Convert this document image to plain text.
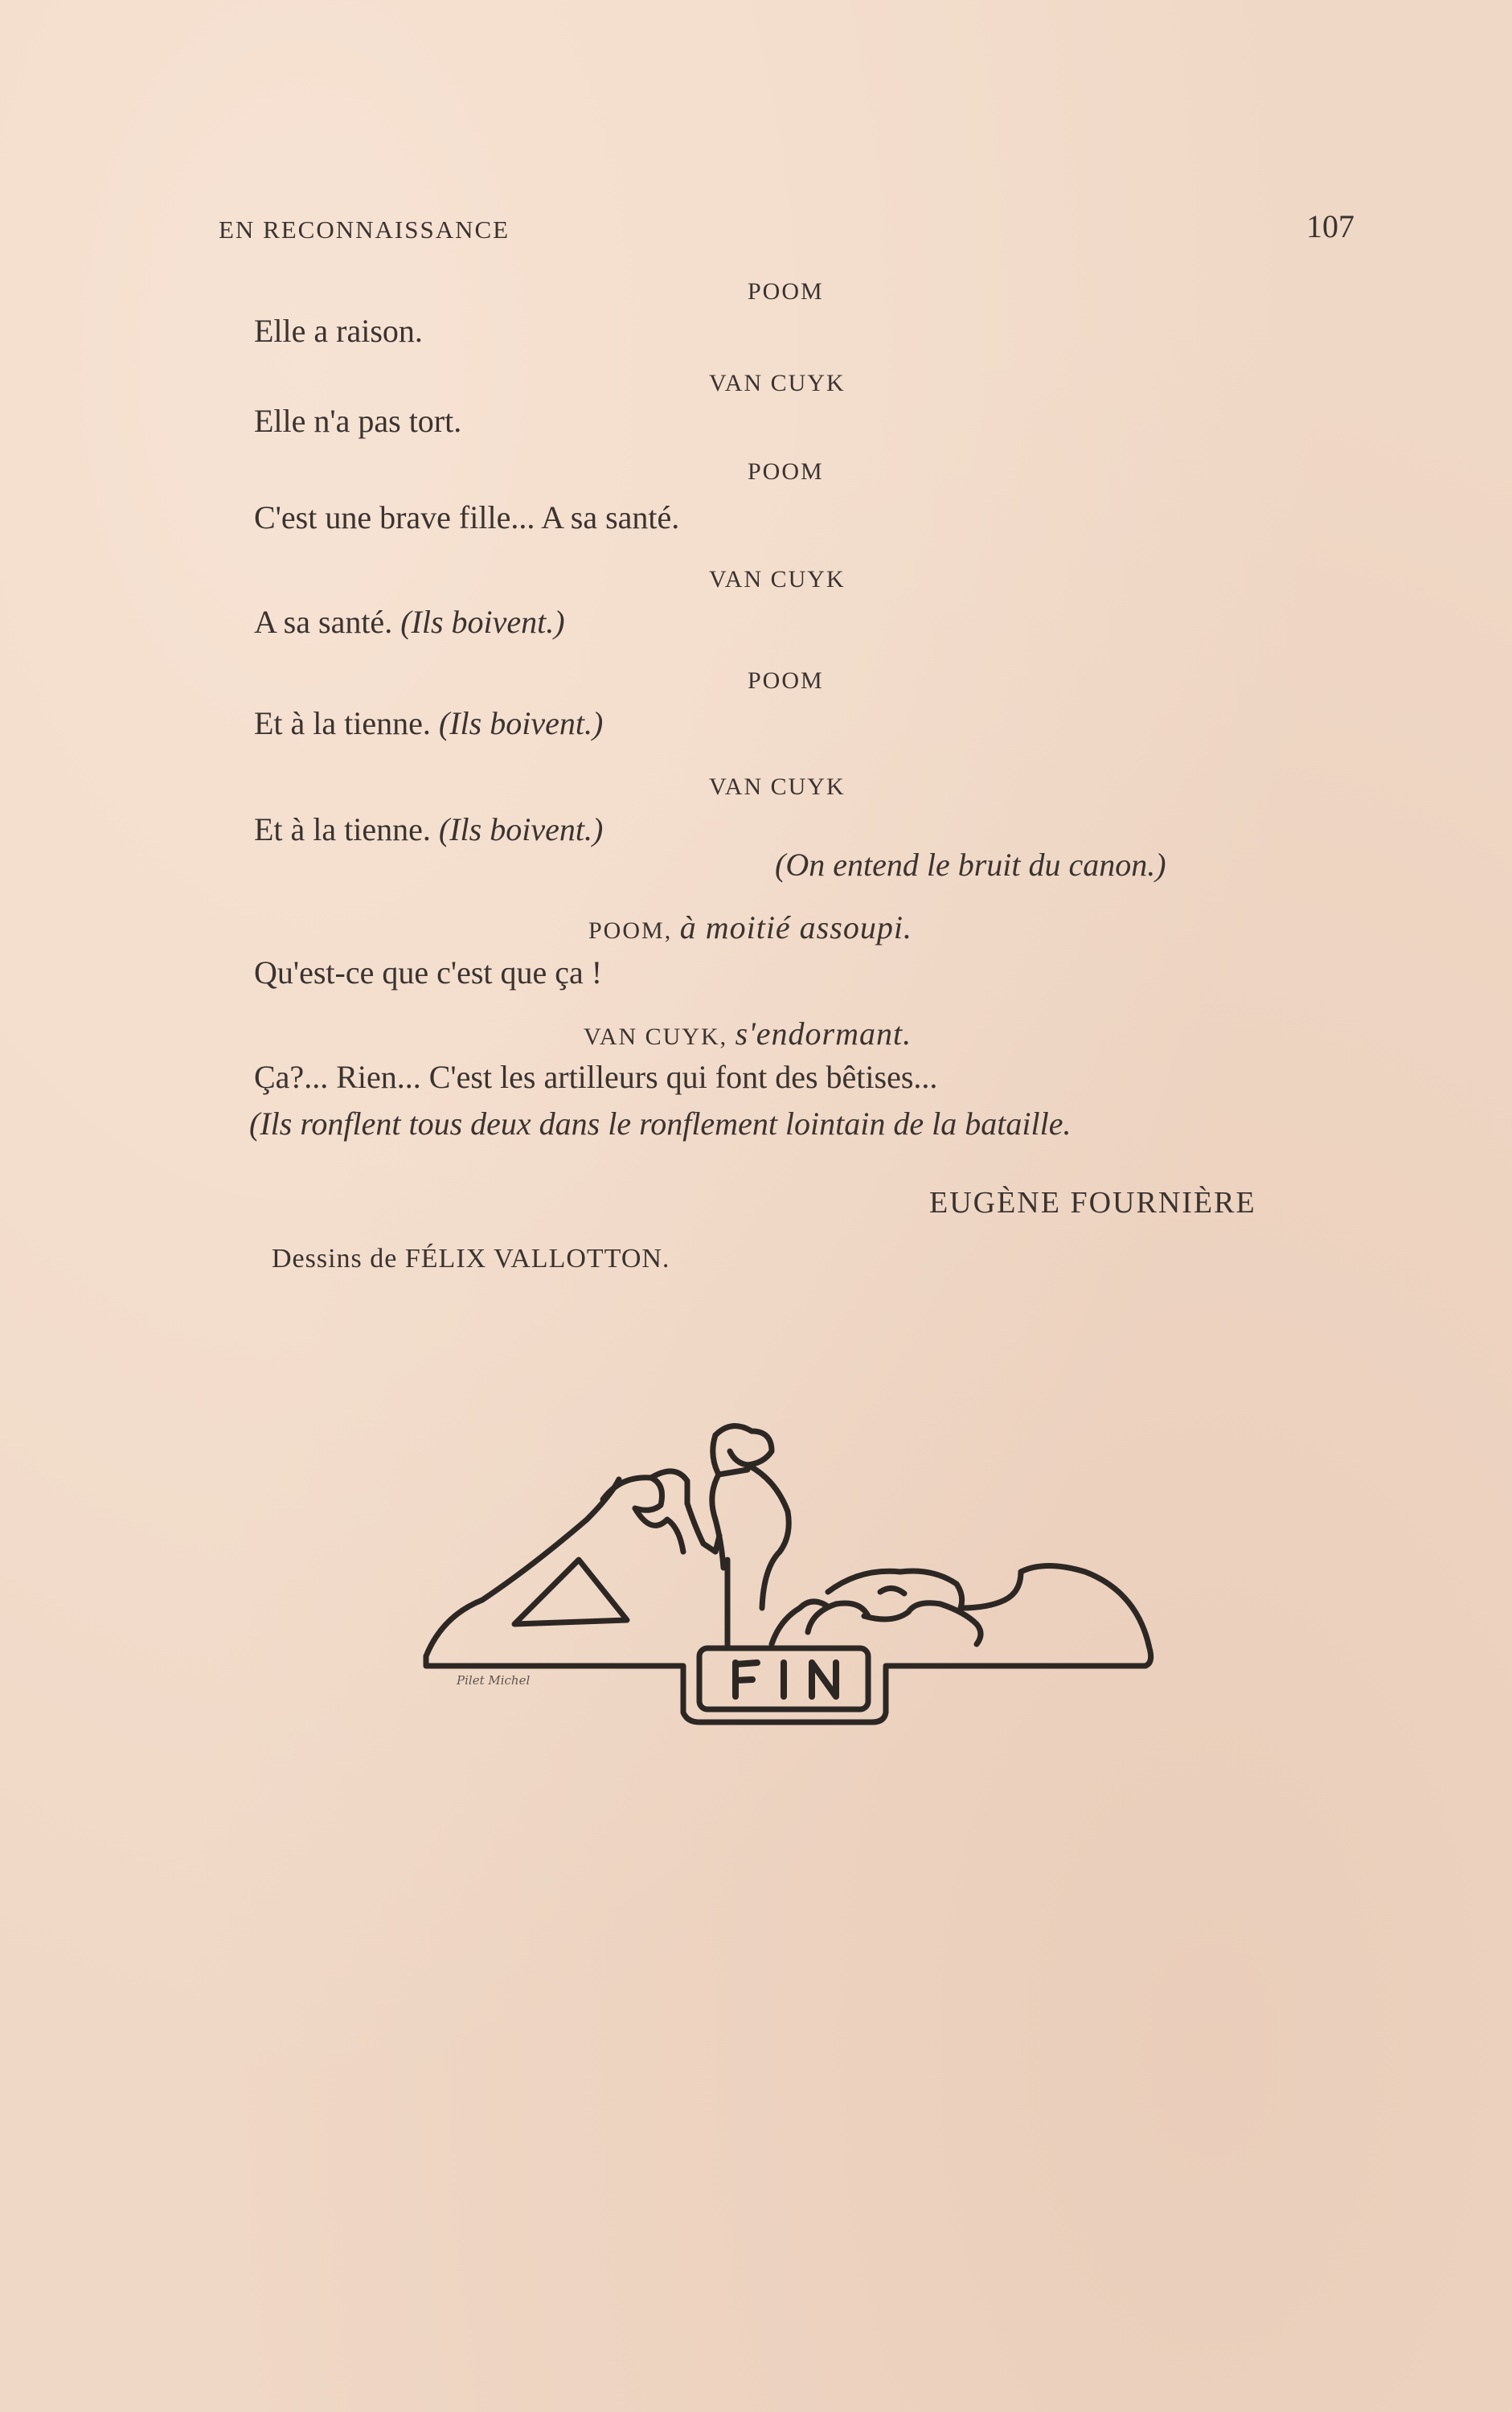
EN RECONNAISSANCE	107
POOM
Elle a raison.
VAN CUYK
Elle n'a pas tort.
POOM
C'est une brave fille... A sa santé.
VAN CUYK
A sa santé. (Ils boivent.)
POOM
Et à la tienne. (Ils boivent.)
VAN CUYK
Et à la tienne. (Ils boivent.)
(On entend le bruit du canon.)
POOM, à moitié assoupi.
Qu'est-ce que c'est que ça !
VAN CUYK, s'endormant.
Ça?... Rien... C'est les artilleurs qui font des bêtises...
(Ils ronflent tous deux dans le ronflement lointain de la bataille.
EUGÈNE FOURNIÈRE
Dessins de FÉLIX VALLOTTON.
Pilet Michel
